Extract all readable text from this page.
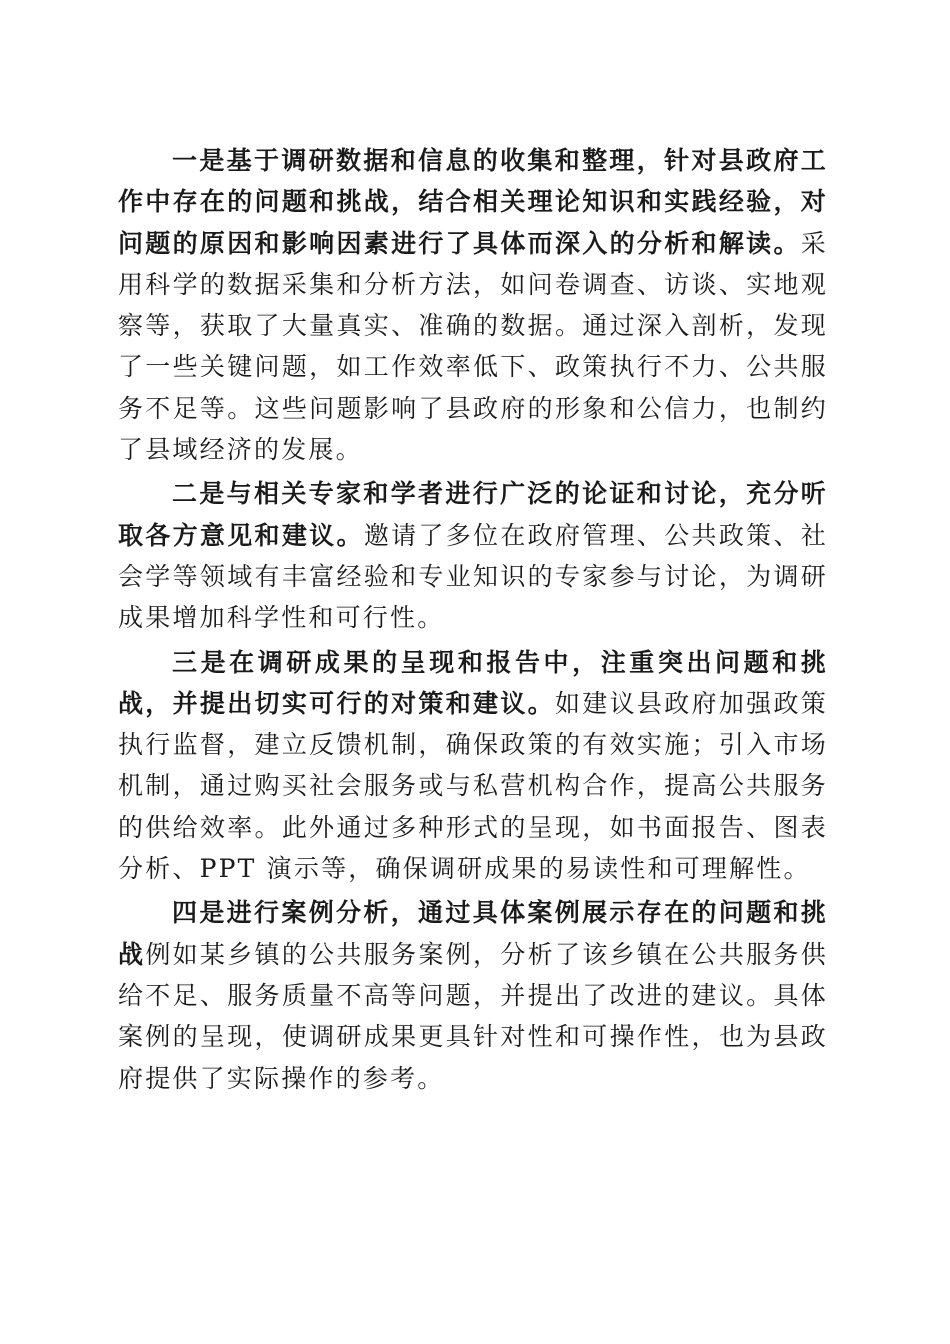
一是基于调研数据和信息的收集和整理，针对县政府工作中存在的问题和挑战，结合相关理论知识和实践经验，对问题的原因和影响因素进行了具体而深入的分析和解读。采用科学的数据采集和分析方法，如问卷调查、访谈、实地观察等，获取了大量真实、准确的数据。通过深入剖析，发现了一些关键问题，如工作效率低下、政策执行不力、公共服务不足等。这些问题影响了县政府的形象和公信力，也制约了县域经济的发展。

二是与相关专家和学者进行广泛的论证和讨论，充分听取各方意见和建议。邀请了多位在政府管理、公共政策、社会学等领域有丰富经验和专业知识的专家参与讨论，为调研成果增加科学性和可行性。

三是在调研成果的呈现和报告中，注重突出问题和挑战，并提出切实可行的对策和建议。如建议县政府加强政策执行监督，建立反馈机制，确保政策的有效实施；引入市场机制，通过购买社会服务或与私营机构合作，提高公共服务的供给效率。此外通过多种形式的呈现，如书面报告、图表分析、PPT 演示等，确保调研成果的易读性和可理解性。

四是进行案例分析，通过具体案例展示存在的问题和挑战例如某乡镇的公共服务案例，分析了该乡镇在公共服务供给不足、服务质量不高等问题，并提出了改进的建议。具体案例的呈现，使调研成果更具针对性和可操作性，也为县政府提供了实际操作的参考。
